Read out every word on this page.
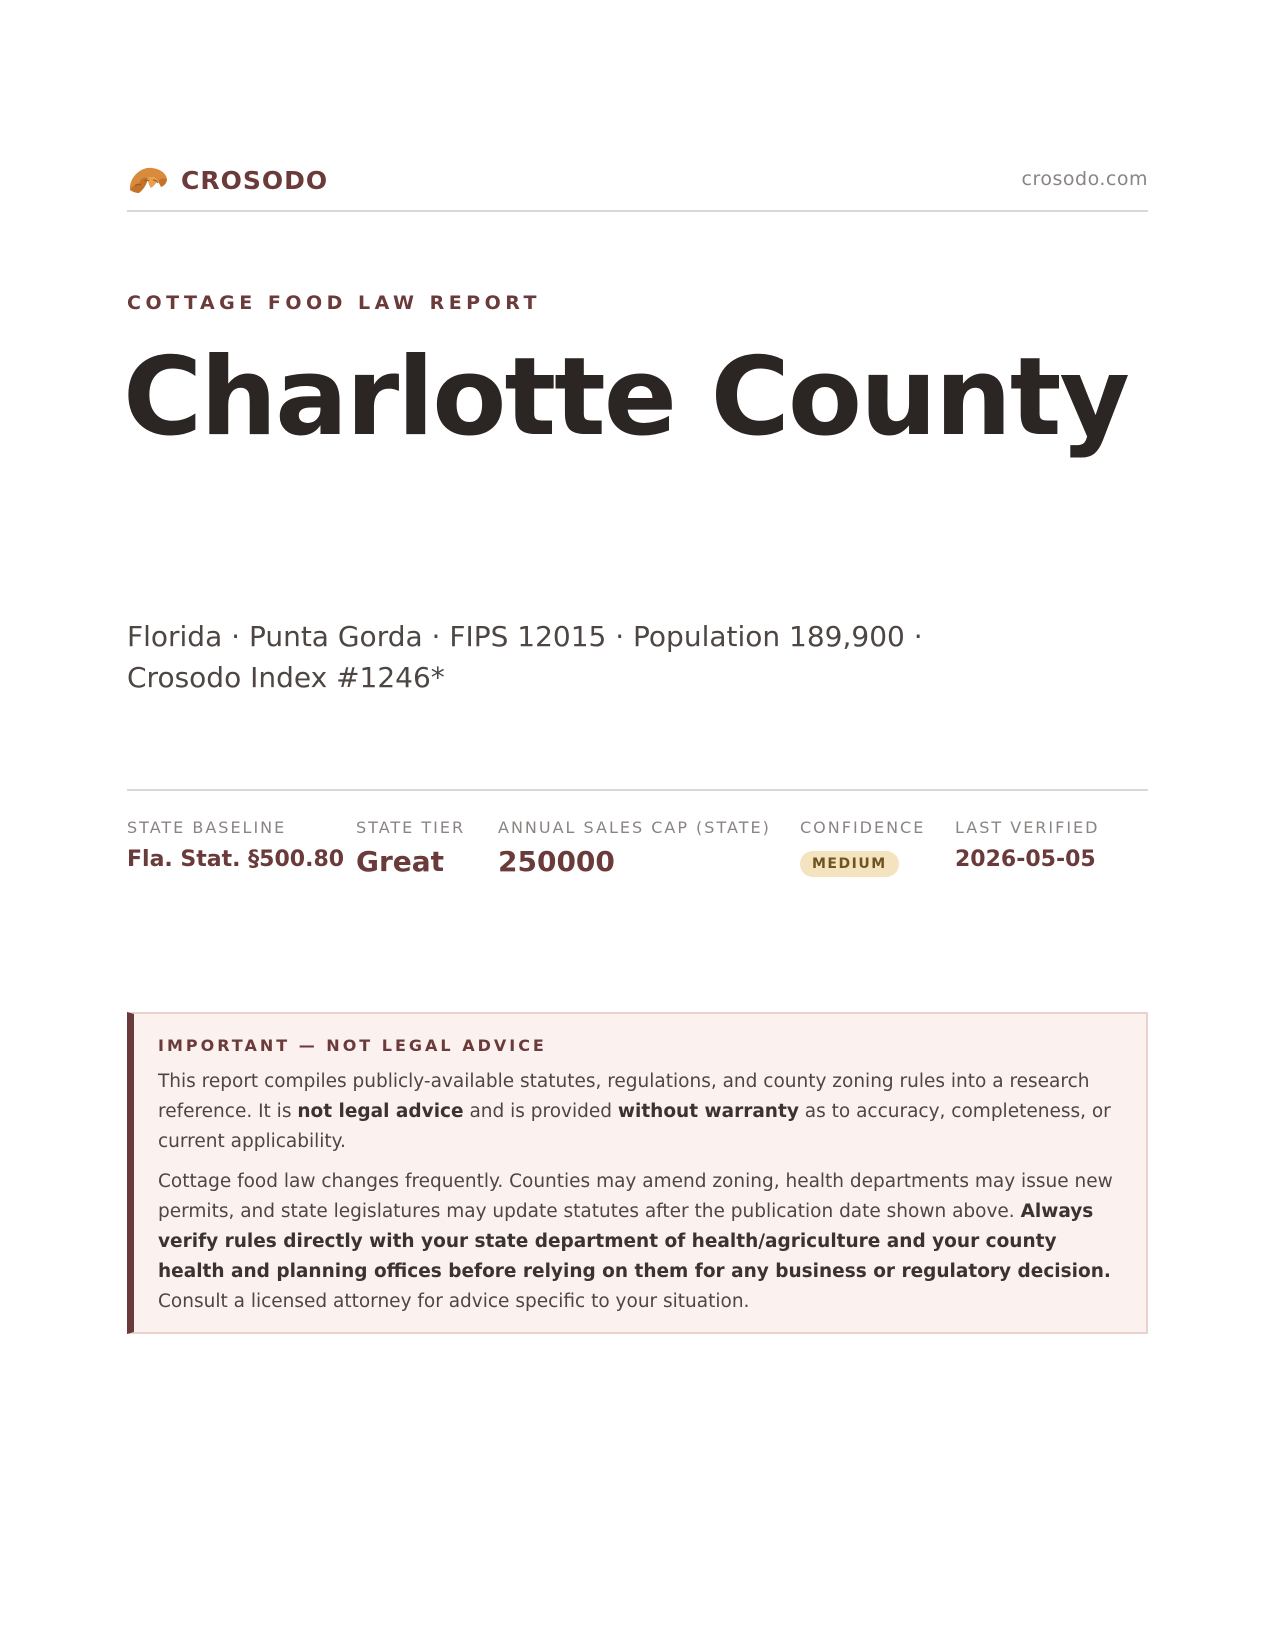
CROSODO	crosodo.com
COTTAGE FOOD LAW REPORT
Charlotte County

Florida · Punta Gorda · FIPS 12015 · Population 189,900 · Crosodo Index #1246*

STATE BASELINE
Fla. Stat. §500.80
STATE TIER
Great
ANNUAL SALES CAP (STATE)
250000
CONFIDENCE
MEDIUM
LAST VERIFIED
2026-05-05
IMPORTANT — NOT LEGAL ADVICE

This report compiles publicly-available statutes, regulations, and county zoning rules into a research reference. It is not legal advice and is provided without warranty as to accuracy, completeness, or current applicability.

Cottage food law changes frequently. Counties may amend zoning, health departments may issue new permits, and state legislatures may update statutes after the publication date shown above. Always verify rules directly with your state department of health/agriculture and your county health and planning offices before relying on them for any business or regulatory decision. Consult a licensed attorney for advice specific to your situation.
